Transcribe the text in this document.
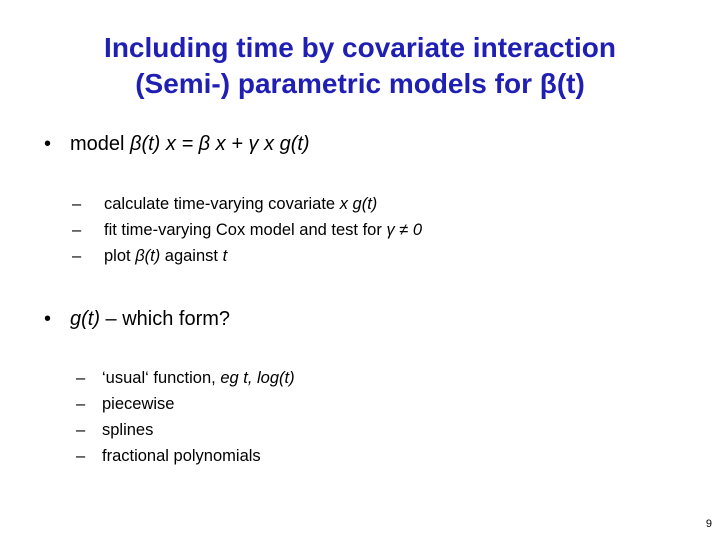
Including time by covariate interaction
(Semi-) parametric models for β(t)
• model β(t) x = β x + γ x g(t)
– calculate time-varying covariate x g(t)
– fit time-varying Cox model and test for γ ≠ 0
– plot β(t) against t
• g(t) – which form?
– ‘usual‘ function, eg t, log(t)
– piecewise
– splines
– fractional polynomials
9
